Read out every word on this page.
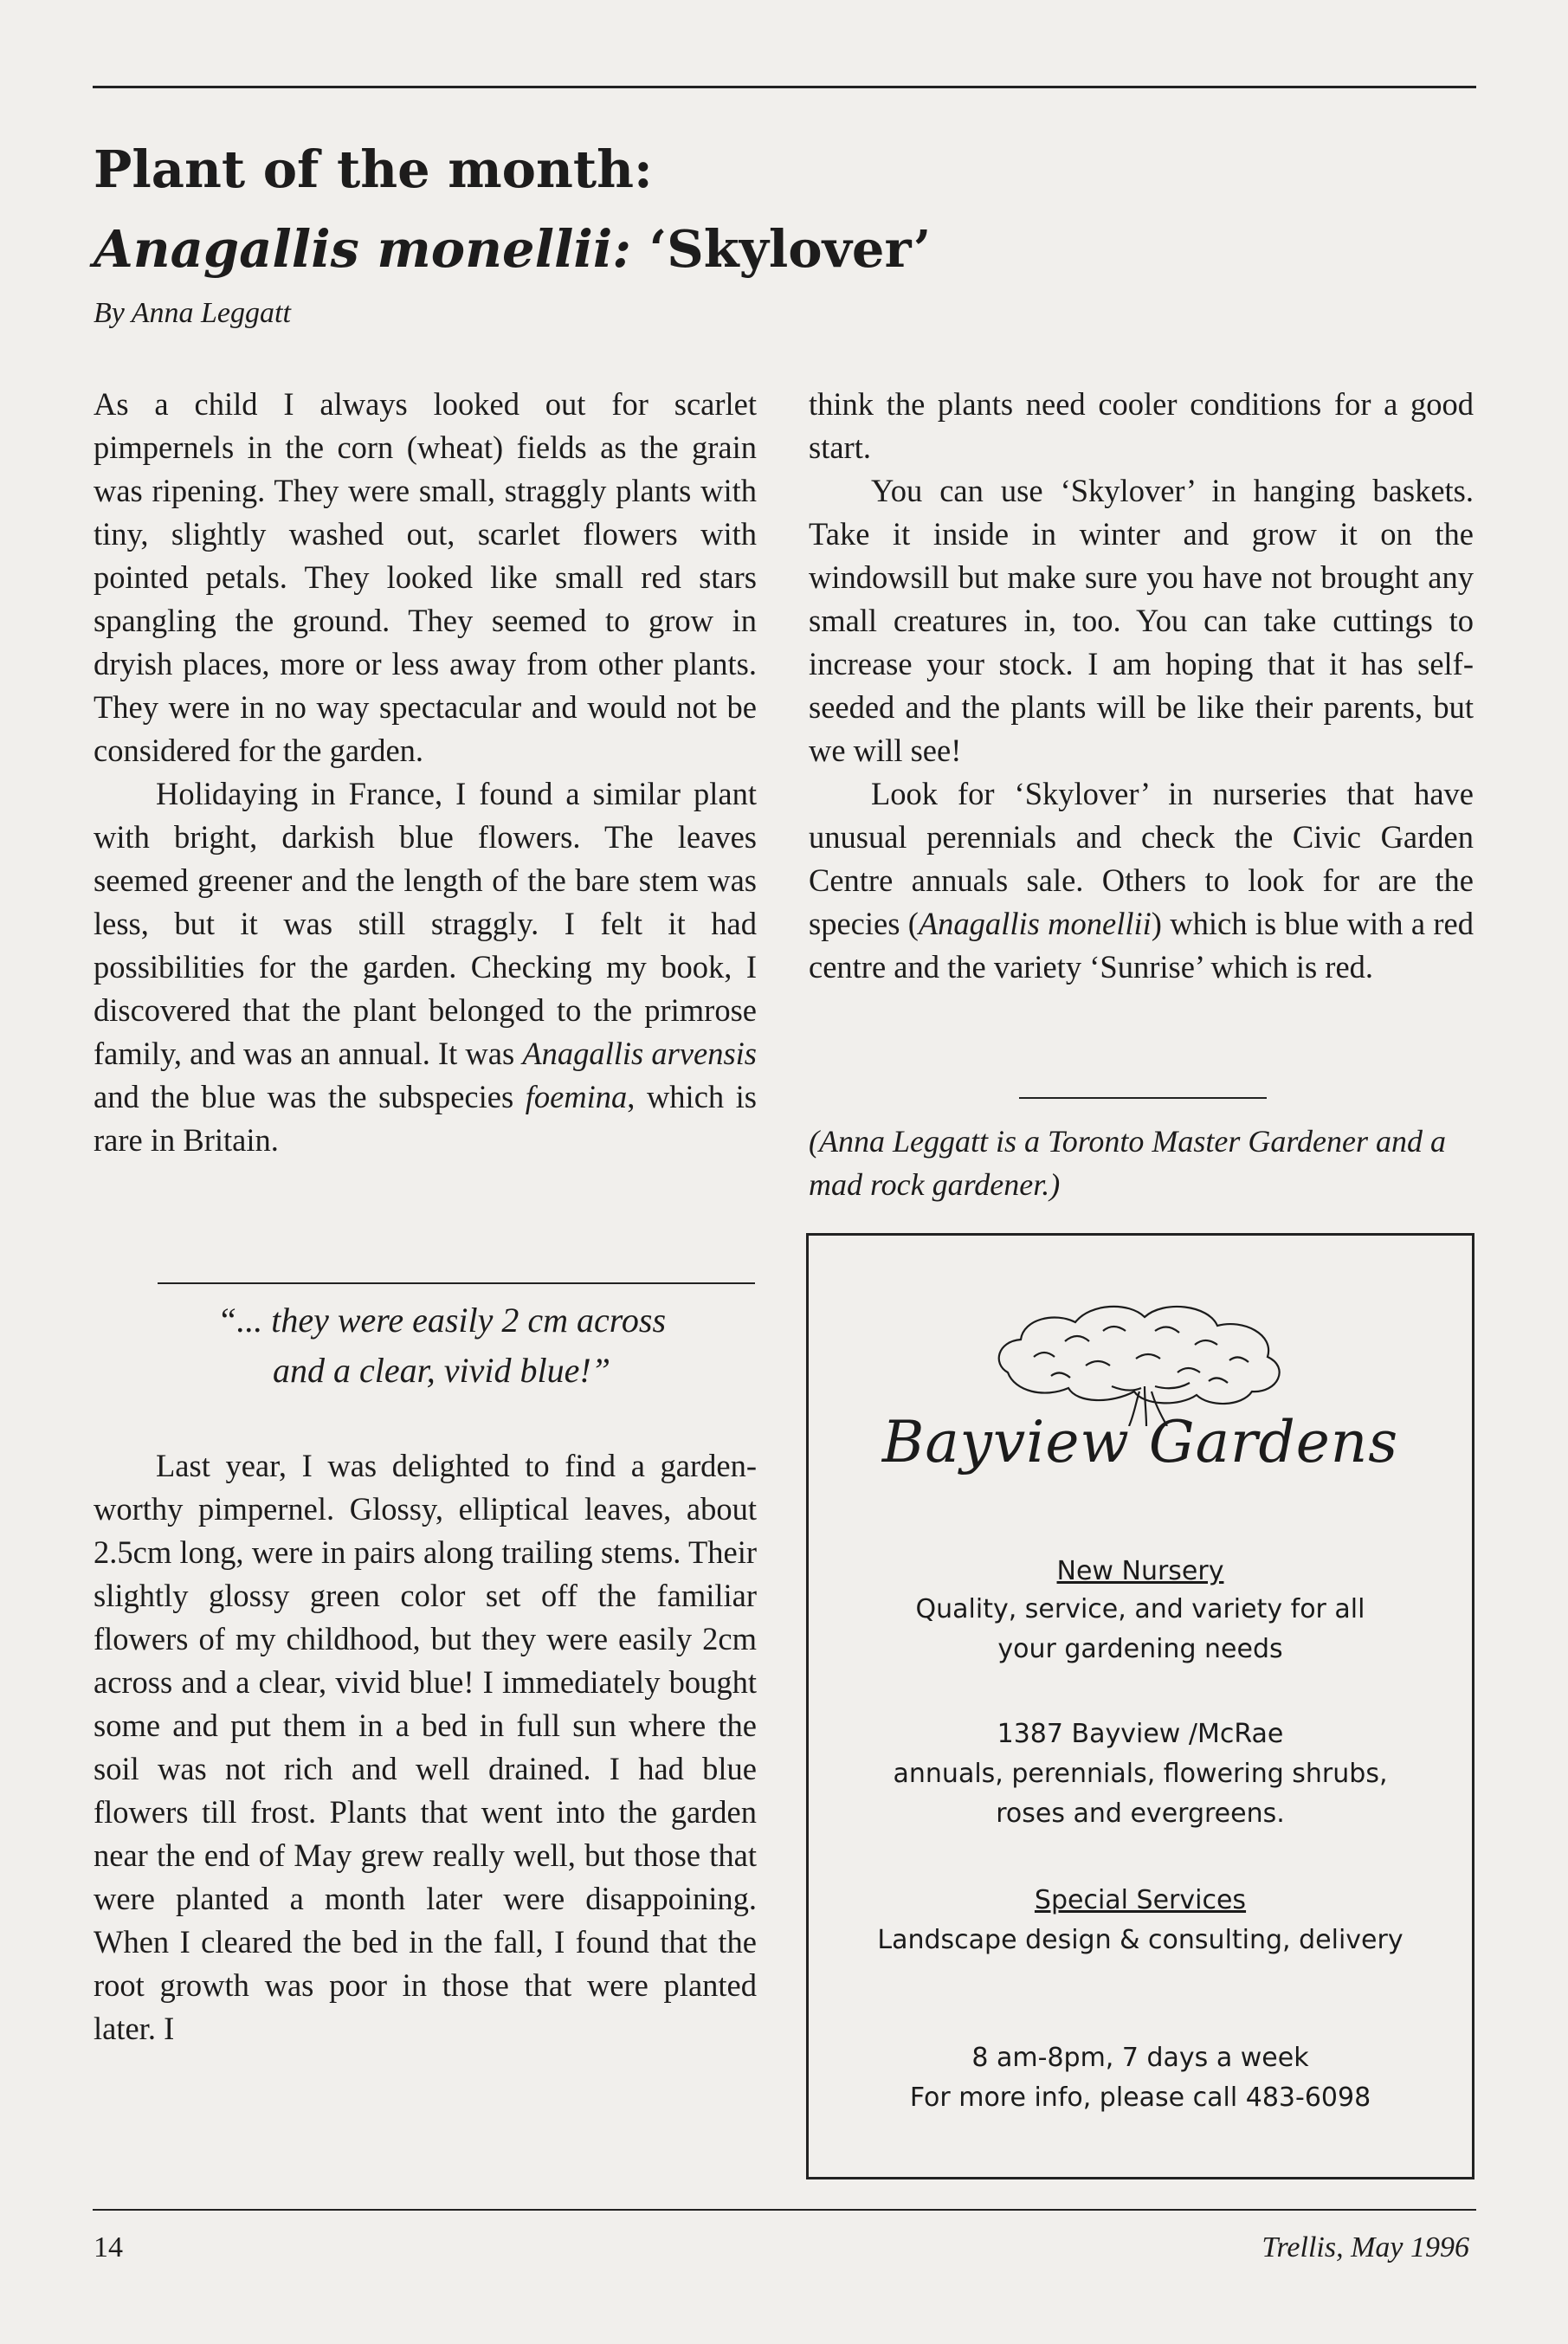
Plant of the month:
Anagallis monellii: ‘Skylover’
By Anna Leggatt

As a child I always looked out for scarlet pimpernels in the corn (wheat) fields as the grain was ripening. They were small, straggly plants with tiny, slightly washed out, scarlet flowers with pointed petals. They looked like small red stars spangling the ground. They seemed to grow in dryish places, more or less away from other plants. They were in no way spectacular and would not be considered for the garden.

Holidaying in France, I found a similar plant with bright, darkish blue flowers. The leaves seemed greener and the length of the bare stem was less, but it was still straggly. I felt it had possibilities for the garden. Checking my book, I discovered that the plant belonged to the primrose family, and was an annual. It was Anagallis arvensis and the blue was the subspecies foemina, which is rare in Britain.

“... they were easily 2 cm across
and a clear, vivid blue!”

Last year, I was delighted to find a garden-worthy pimpernel. Glossy, elliptical leaves, about 2.5cm long, were in pairs along trailing stems. Their slightly glossy green color set off the familiar flowers of my childhood, but they were easily 2cm across and a clear, vivid blue! I immediately bought some and put them in a bed in full sun where the soil was not rich and well drained. I had blue flowers till frost. Plants that went into the garden near the end of May grew really well, but those that were planted a month later were disappoining. When I cleared the bed in the fall, I found that the root growth was poor in those that were planted later. I

think the plants need cooler conditions for a good start.

You can use ‘Skylover’ in hanging baskets. Take it inside in winter and grow it on the windowsill but make sure you have not brought any small creatures in, too. You can take cuttings to increase your stock. I am hoping that it has self-seeded and the plants will be like their parents, but we will see!

Look for ‘Skylover’ in nurseries that have unusual perennials and check the Civic Garden Centre annuals sale. Others to look for are the species (Anagallis monellii) which is blue with a red centre and the variety ‘Sunrise’ which is red.

(Anna Leggatt is a Toronto Master Gardener and a mad rock gardener.)
Bayview Gardens
New Nursery
Quality, service, and variety for all
your gardening needs
1387 Bayview /McRae
annuals, perennials, flowering shrubs,
roses and evergreens.
Special Services
Landscape design & consulting, delivery
8 am-8pm, 7 days a week
For more info, please call 483-6098
14	Trellis, May 1996
